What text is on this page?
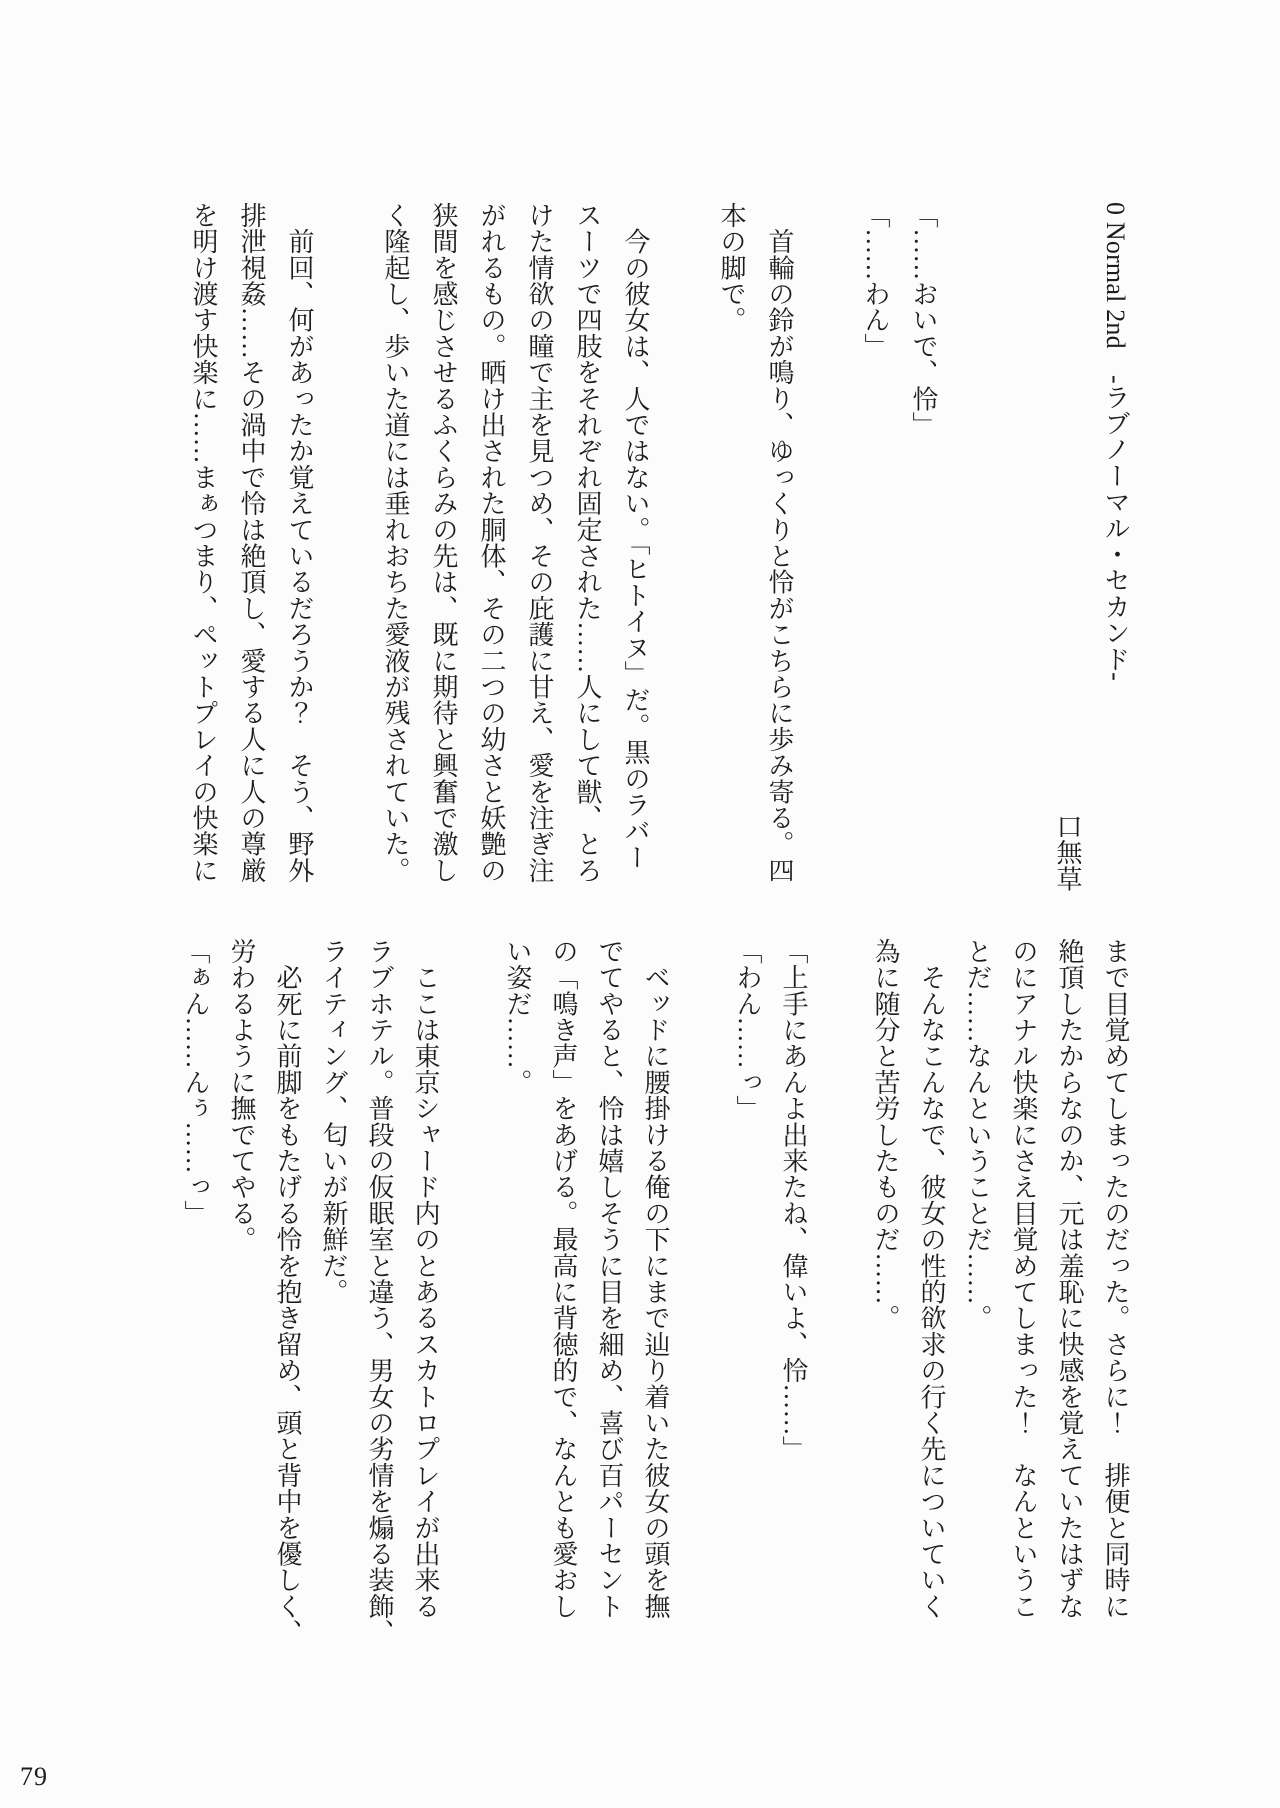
0 Normal 2nd　-ラブノーマル・セカンド-
口無草
「……おいで、怜」
「……わん」
　首輪の鈴が鳴り、ゆっくりと怜がこちらに歩み寄る。四
本の脚で。
　今の彼女は、人ではない。「ヒトイヌ」だ。黒のラバー
スーツで四肢をそれぞれ固定された……人にして獣、とろ
けた情欲の瞳で主を見つめ、その庇護に甘え、愛を注ぎ注
がれるもの。晒け出された胴体、その二つの幼さと妖艶の
狭間を感じさせるふくらみの先は、既に期待と興奮で激し
く隆起し、歩いた道には垂れおちた愛液が残されていた。
　前回、何があったか覚えているだろうか？　そう、野外
排泄視姦……その渦中で怜は絶頂し、愛する人に人の尊厳
を明け渡す快楽に……まぁつまり、ペットプレイの快楽に
まで目覚めてしまったのだった。さらに！　排便と同時に
絶頂したからなのか、元は羞恥に快感を覚えていたはずな
のにアナル快楽にさえ目覚めてしまった！　なんというこ
とだ……なんということだ……。
　そんなこんなで、彼女の性的欲求の行く先についていく
為に随分と苦労したものだ……。
「上手にあんよ出来たね、偉いよ、怜……」
「わん……っ」
　ベッドに腰掛ける俺の下にまで辿り着いた彼女の頭を撫
でてやると、怜は嬉しそうに目を細め、喜び百パーセント
の「鳴き声」をあげる。最高に背徳的で、なんとも愛おし
い姿だ……。
　ここは東京シャード内のとあるスカトロプレイが出来る
ラブホテル。普段の仮眠室と違う、男女の劣情を煽る装飾、
ライティング、匂いが新鮮だ。
　必死に前脚をもたげる怜を抱き留め、頭と背中を優しく、
労わるように撫でてやる。
「ぁん……んぅ……っ」
79
